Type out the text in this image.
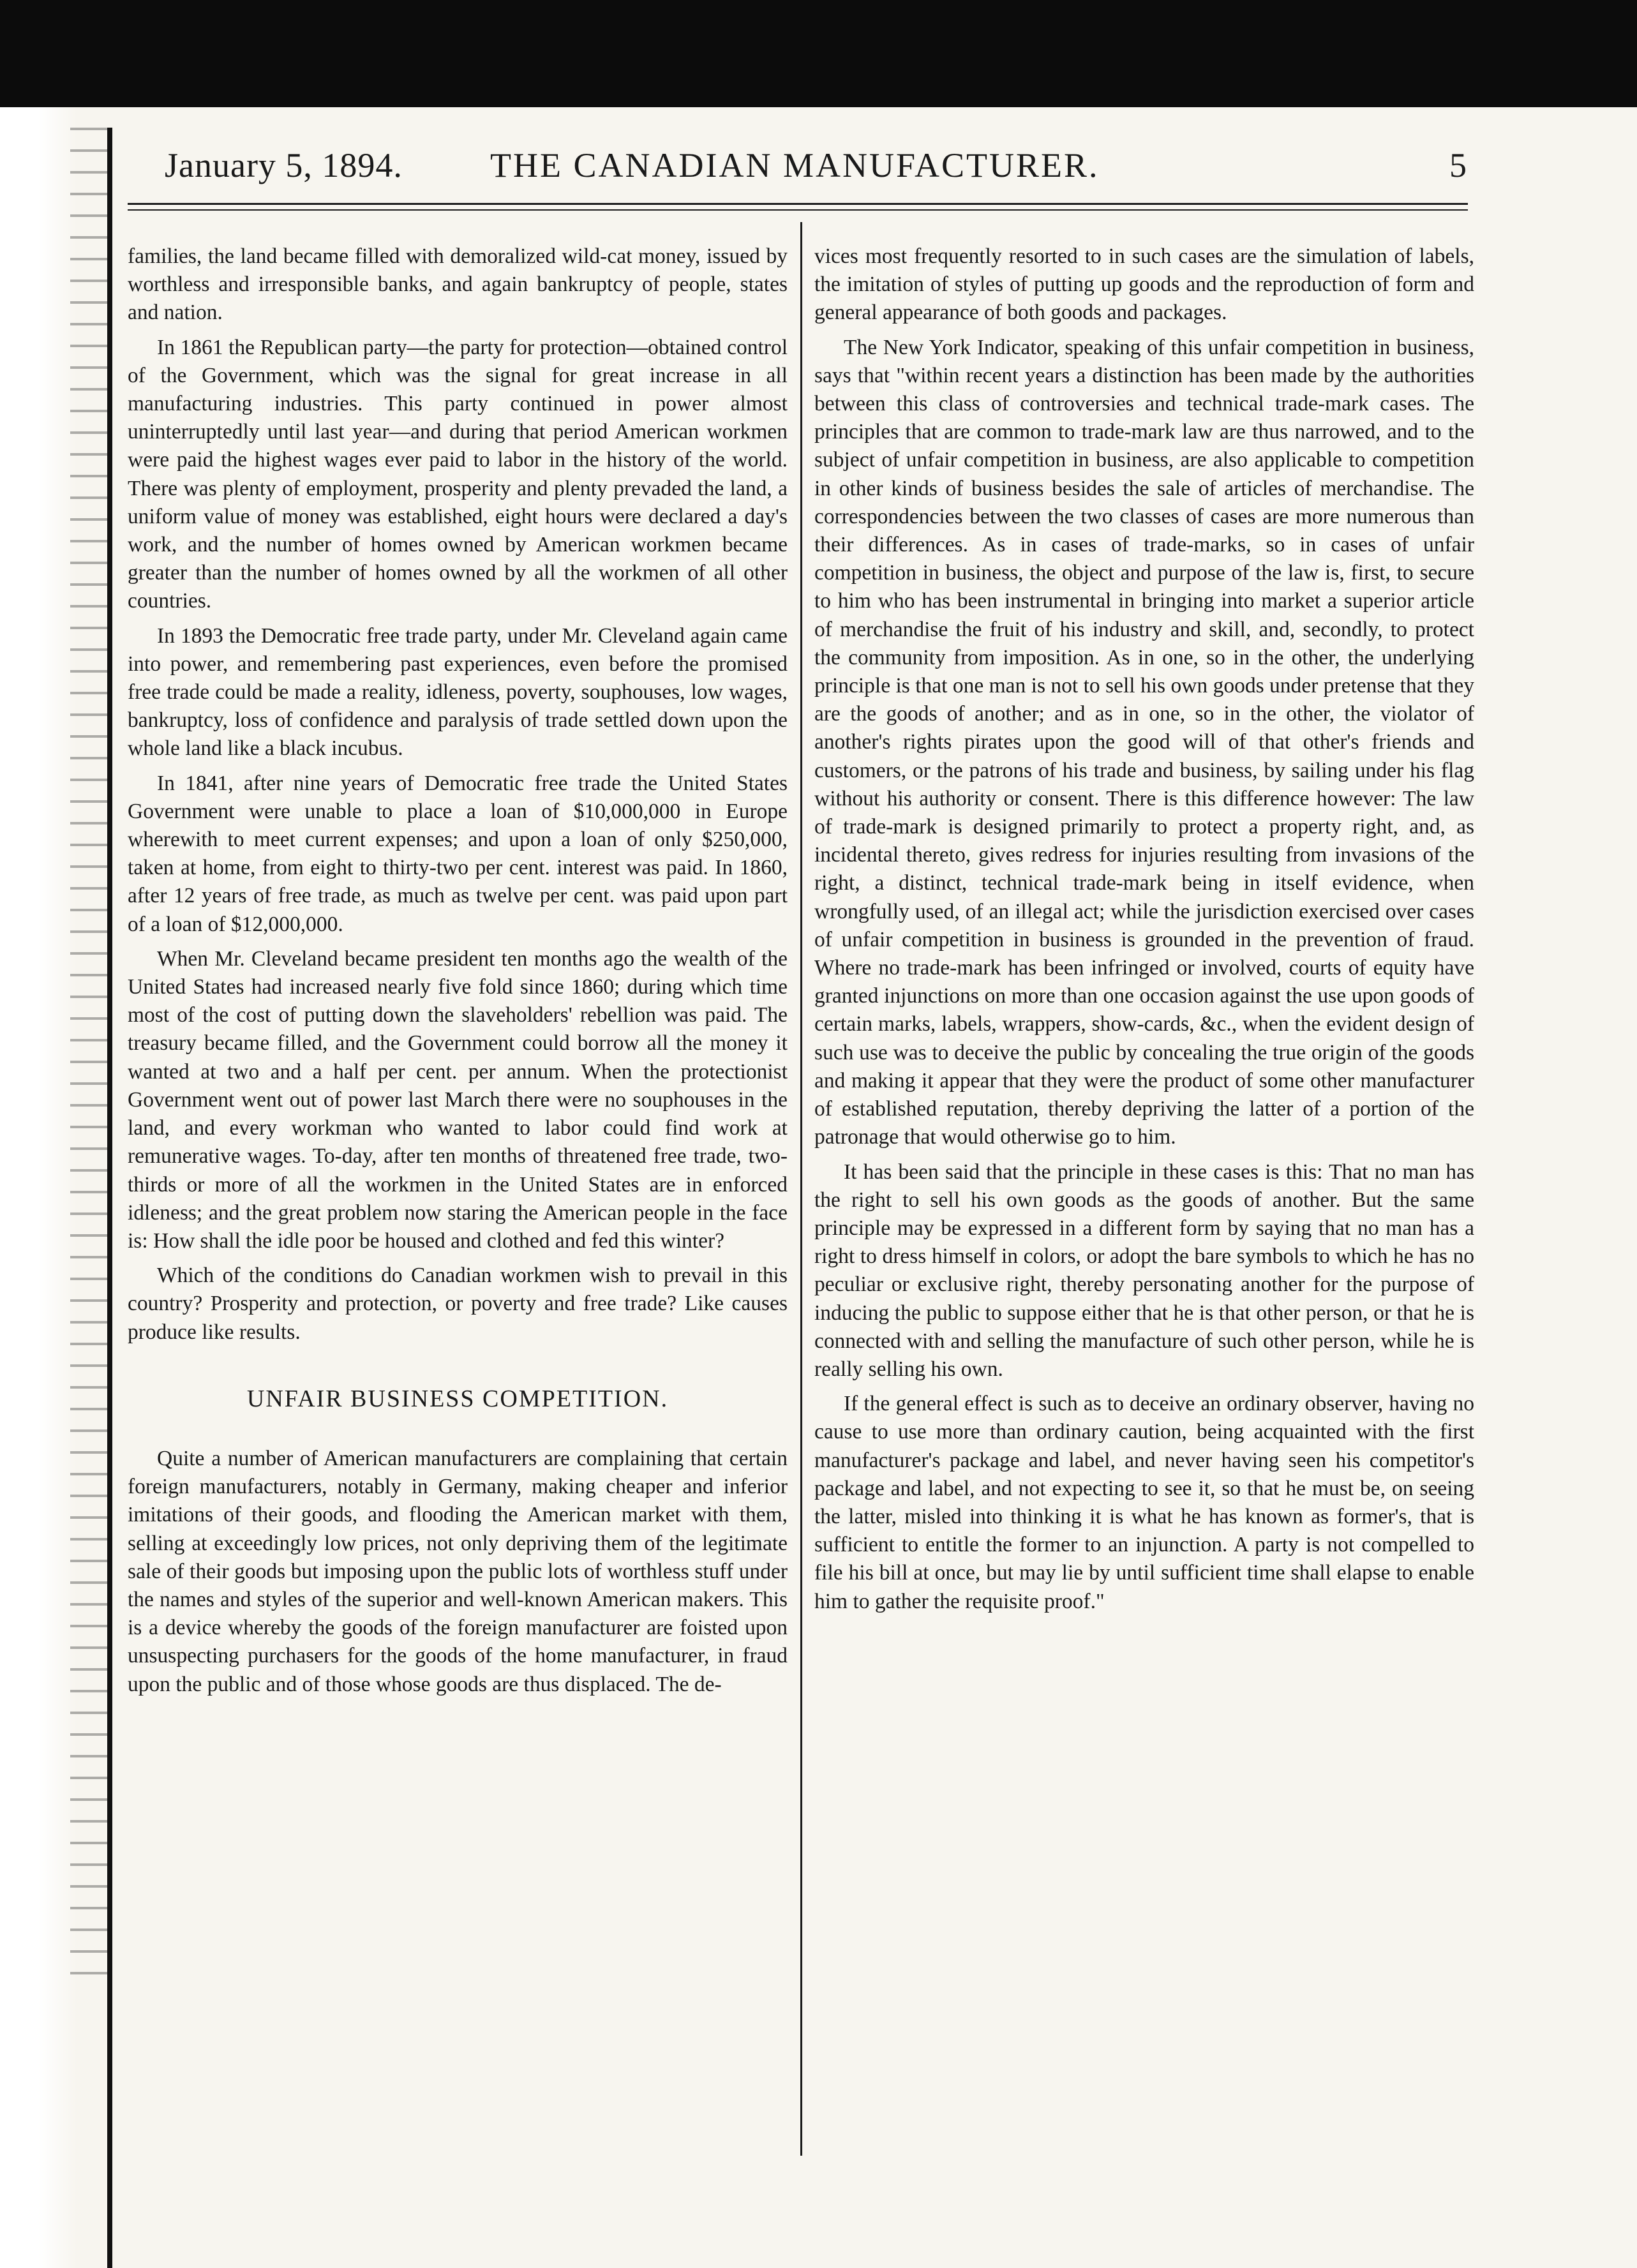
January 5, 1894.	THE CANADIAN MANUFACTURER.	5

families, the land became filled with demoralized wild-cat money, issued by worthless and irresponsible banks, and again bankruptcy of people, states and nation.

In 1861 the Republican party—the party for protection—obtained control of the Government, which was the signal for great increase in all manufacturing industries. This party continued in power almost uninterruptedly until last year—and during that period American workmen were paid the highest wages ever paid to labor in the history of the world. There was plenty of employment, prosperity and plenty prevaded the land, a uniform value of money was established, eight hours were declared a day's work, and the number of homes owned by American workmen became greater than the number of homes owned by all the workmen of all other countries.

In 1893 the Democratic free trade party, under Mr. Cleveland again came into power, and remembering past experiences, even before the promised free trade could be made a reality, idleness, poverty, souphouses, low wages, bankruptcy, loss of confidence and paralysis of trade settled down upon the whole land like a black incubus.

In 1841, after nine years of Democratic free trade the United States Government were unable to place a loan of $10,000,000 in Europe wherewith to meet current expenses; and upon a loan of only $250,000, taken at home, from eight to thirty-two per cent. interest was paid. In 1860, after 12 years of free trade, as much as twelve per cent. was paid upon part of a loan of $12,000,000.

When Mr. Cleveland became president ten months ago the wealth of the United States had increased nearly five fold since 1860; during which time most of the cost of putting down the slaveholders' rebellion was paid. The treasury became filled, and the Government could borrow all the money it wanted at two and a half per cent. per annum. When the protectionist Government went out of power last March there were no souphouses in the land, and every workman who wanted to labor could find work at remunerative wages. To-day, after ten months of threatened free trade, two-thirds or more of all the workmen in the United States are in enforced idleness; and the great problem now staring the American people in the face is: How shall the idle poor be housed and clothed and fed this winter?

Which of the conditions do Canadian workmen wish to prevail in this country? Prosperity and protection, or poverty and free trade? Like causes produce like results.

UNFAIR BUSINESS COMPETITION.

Quite a number of American manufacturers are complaining that certain foreign manufacturers, notably in Germany, making cheaper and inferior imitations of their goods, and flooding the American market with them, selling at exceedingly low prices, not only depriving them of the legitimate sale of their goods but imposing upon the public lots of worthless stuff under the names and styles of the superior and well-known American makers. This is a device whereby the goods of the foreign manufacturer are foisted upon unsuspecting purchasers for the goods of the home manufacturer, in fraud upon the public and of those whose goods are thus displaced. The de-

vices most frequently resorted to in such cases are the simulation of labels, the imitation of styles of putting up goods and the reproduction of form and general appearance of both goods and packages.

The New York Indicator, speaking of this unfair competition in business, says that "within recent years a distinction has been made by the authorities between this class of controversies and technical trade-mark cases. The principles that are common to trade-mark law are thus narrowed, and to the subject of unfair competition in business, are also applicable to competition in other kinds of business besides the sale of articles of merchandise. The correspondencies between the two classes of cases are more numerous than their differences. As in cases of trade-marks, so in cases of unfair competition in business, the object and purpose of the law is, first, to secure to him who has been instrumental in bringing into market a superior article of merchandise the fruit of his industry and skill, and, secondly, to protect the community from imposition. As in one, so in the other, the underlying principle is that one man is not to sell his own goods under pretense that they are the goods of another; and as in one, so in the other, the violator of another's rights pirates upon the good will of that other's friends and customers, or the patrons of his trade and business, by sailing under his flag without his authority or consent. There is this difference however: The law of trade-mark is designed primarily to protect a property right, and, as incidental thereto, gives redress for injuries resulting from invasions of the right, a distinct, technical trade-mark being in itself evidence, when wrongfully used, of an illegal act; while the jurisdiction exercised over cases of unfair competition in business is grounded in the prevention of fraud. Where no trade-mark has been infringed or involved, courts of equity have granted injunctions on more than one occasion against the use upon goods of certain marks, labels, wrappers, show-cards, &c., when the evident design of such use was to deceive the public by concealing the true origin of the goods and making it appear that they were the product of some other manufacturer of established reputation, thereby depriving the latter of a portion of the patronage that would otherwise go to him.

It has been said that the principle in these cases is this: That no man has the right to sell his own goods as the goods of another. But the same principle may be expressed in a different form by saying that no man has a right to dress himself in colors, or adopt the bare symbols to which he has no peculiar or exclusive right, thereby personating another for the purpose of inducing the public to suppose either that he is that other person, or that he is connected with and selling the manufacture of such other person, while he is really selling his own.

If the general effect is such as to deceive an ordinary observer, having no cause to use more than ordinary caution, being acquainted with the first manufacturer's package and label, and never having seen his competitor's package and label, and not expecting to see it, so that he must be, on seeing the latter, misled into thinking it is what he has known as former's, that is sufficient to entitle the former to an injunction. A party is not compelled to file his bill at once, but may lie by until sufficient time shall elapse to enable him to gather the requisite proof."
